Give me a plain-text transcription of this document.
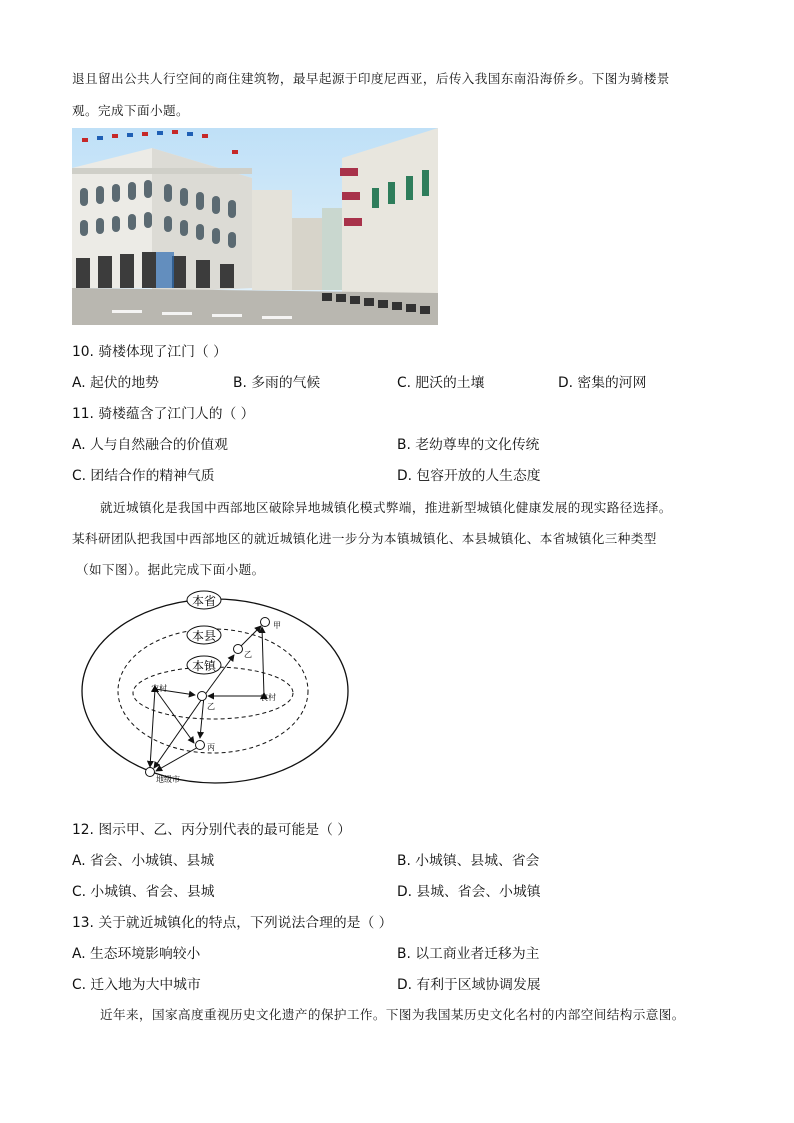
退且留出公共人行空间的商住建筑物，最早起源于印度尼西亚，后传入我国东南沿海侨乡。下图为骑楼景
观。完成下面小题。
10. 骑楼体现了江门（ ）
A. 起伏的地势	B. 多雨的气候	C. 肥沃的土壤	D. 密集的河网
11. 骑楼蕴含了江门人的（ ）
A. 人与自然融合的价值观	B. 老幼尊卑的文化传统
C. 团结合作的精神气质	D. 包容开放的人生态度
就近城镇化是我国中西部地区破除异地城镇化模式弊端，推进新型城镇化健康发展的现实路径选择。
某科研团队把我国中西部地区的就近城镇化进一步分为本镇城镇化、本县城镇化、本省城镇化三种类型
（如下图）。据此完成下面小题。
本省
本县
本镇
甲
乙
乙
丙
农村
农村
地级市
12. 图示甲、乙、丙分别代表的最可能是（ ）
A. 省会、小城镇、县城	B. 小城镇、县城、省会
C. 小城镇、省会、县城	D. 县城、省会、小城镇
13. 关于就近城镇化的特点，下列说法合理的是（ ）
A. 生态环境影响较小	B. 以工商业者迁移为主
C. 迁入地为大中城市	D. 有利于区域协调发展
近年来，国家高度重视历史文化遗产的保护工作。下图为我国某历史文化名村的内部空间结构示意图。
